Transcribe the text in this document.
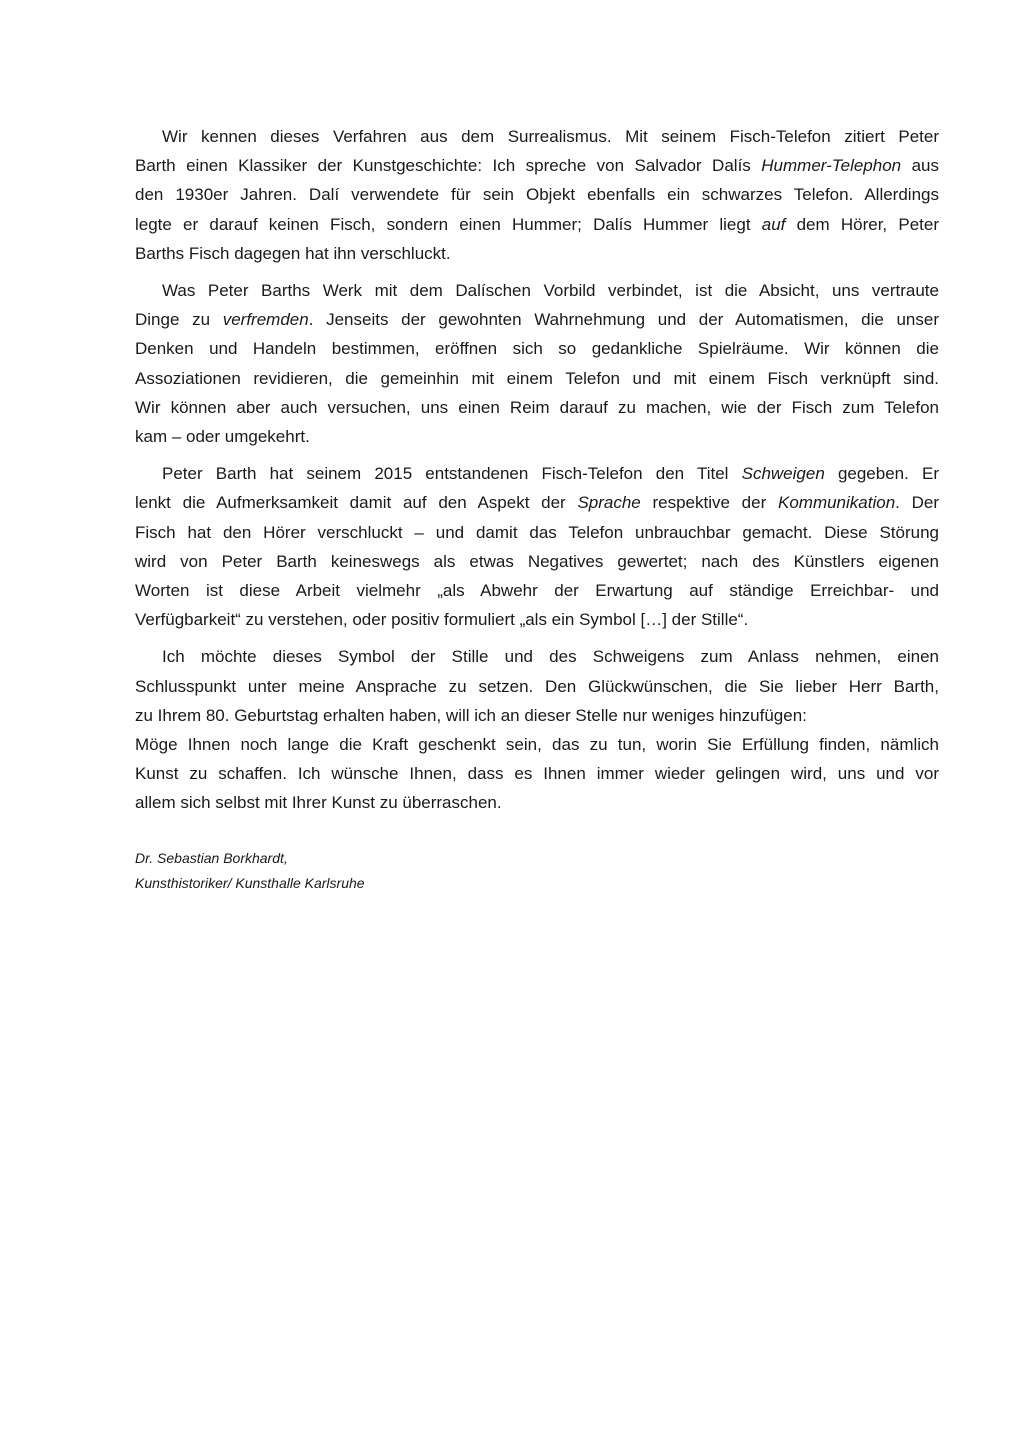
Wir kennen dieses Verfahren aus dem Surrealismus. Mit seinem Fisch-Telefon zitiert Peter
Barth einen Klassiker der Kunstgeschichte: Ich spreche von Salvador Dalís Hummer-Telephon aus
den 1930er Jahren. Dalí verwendete für sein Objekt ebenfalls ein schwarzes Telefon. Allerdings
legte er darauf keinen Fisch, sondern einen Hummer; Dalís Hummer liegt auf dem Hörer, Peter
Barths Fisch dagegen hat ihn verschluckt.
Was Peter Barths Werk mit dem Dalíschen Vorbild verbindet, ist die Absicht, uns vertraute
Dinge zu verfremden. Jenseits der gewohnten Wahrnehmung und der Automatismen, die unser
Denken und Handeln bestimmen, eröffnen sich so gedankliche Spielräume. Wir können die
Assoziationen revidieren, die gemeinhin mit einem Telefon und mit einem Fisch verknüpft sind.
Wir können aber auch versuchen, uns einen Reim darauf zu machen, wie der Fisch zum Telefon
kam – oder umgekehrt.
Peter Barth hat seinem 2015 entstandenen Fisch-Telefon den Titel Schweigen gegeben. Er
lenkt die Aufmerksamkeit damit auf den Aspekt der Sprache respektive der Kommunikation. Der
Fisch hat den Hörer verschluckt – und damit das Telefon unbrauchbar gemacht. Diese Störung
wird von Peter Barth keineswegs als etwas Negatives gewertet; nach des Künstlers eigenen
Worten ist diese Arbeit vielmehr „als Abwehr der Erwartung auf ständige Erreichbar- und
Verfügbarkeit“ zu verstehen, oder positiv formuliert „als ein Symbol […] der Stille“.
Ich möchte dieses Symbol der Stille und des Schweigens zum Anlass nehmen, einen
Schlusspunkt unter meine Ansprache zu setzen. Den Glückwünschen, die Sie lieber Herr Barth,
zu Ihrem 80. Geburtstag erhalten haben, will ich an dieser Stelle nur weniges hinzufügen:
Möge Ihnen noch lange die Kraft geschenkt sein, das zu tun, worin Sie Erfüllung finden, nämlich
Kunst zu schaffen. Ich wünsche Ihnen, dass es Ihnen immer wieder gelingen wird, uns und vor
allem sich selbst mit Ihrer Kunst zu überraschen.
Dr. Sebastian Borkhardt,
Kunsthistoriker/ Kunsthalle Karlsruhe
